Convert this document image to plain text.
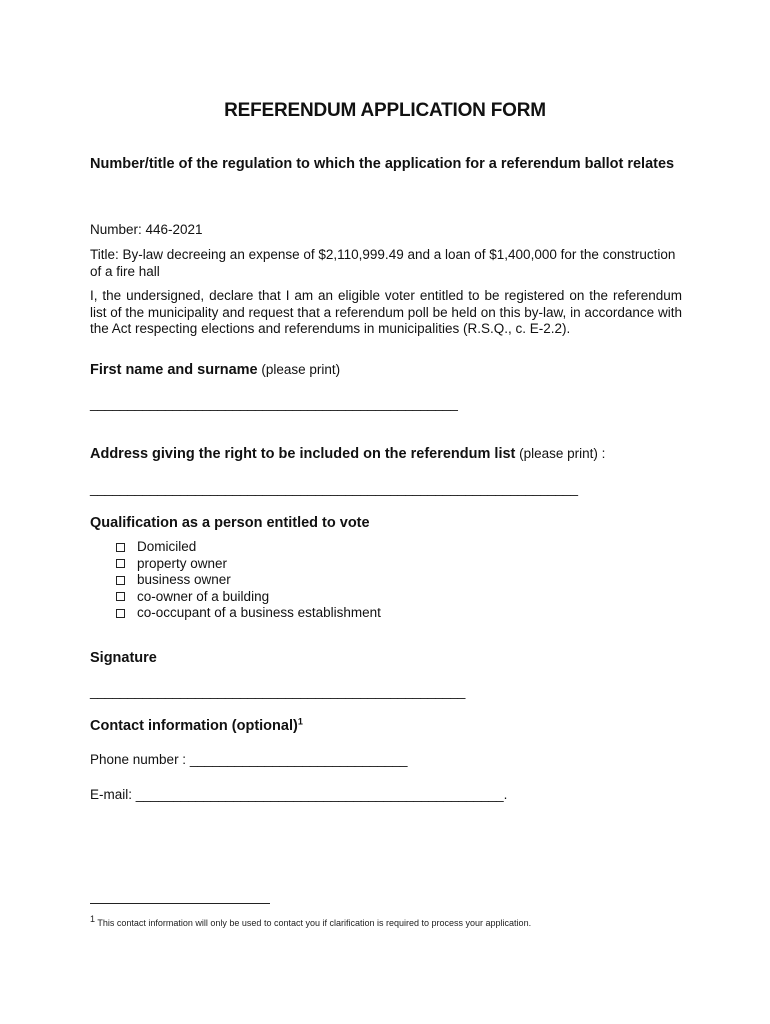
REFERENDUM APPLICATION FORM
Number/title of the regulation to which the application for a referendum ballot relates
Number: 446-2021
Title: By-law decreeing an expense of $2,110,999.49 and a loan of $1,400,000 for the construction of a fire hall
I, the undersigned, declare that I am an eligible voter entitled to be registered on the referendum list of the municipality and request that a referendum poll be held on this by-law, in accordance with the Act respecting elections and referendums in municipalities (R.S.Q., c. E-2.2).
First name and surname (please print)
_________________________________________________
Address giving the right to be included on the referendum list (please print) :
_________________________________________________________________
Qualification as a person entitled to vote
Domiciled
property owner
business owner
co-owner of a building
co-occupant of a business establishment
Signature
__________________________________________________
Contact information (optional)$^1$
Phone number : _____________________________
E-mail: _________________________________________________.
$^1$ This contact information will only be used to contact you if clarification is required to process your application.
